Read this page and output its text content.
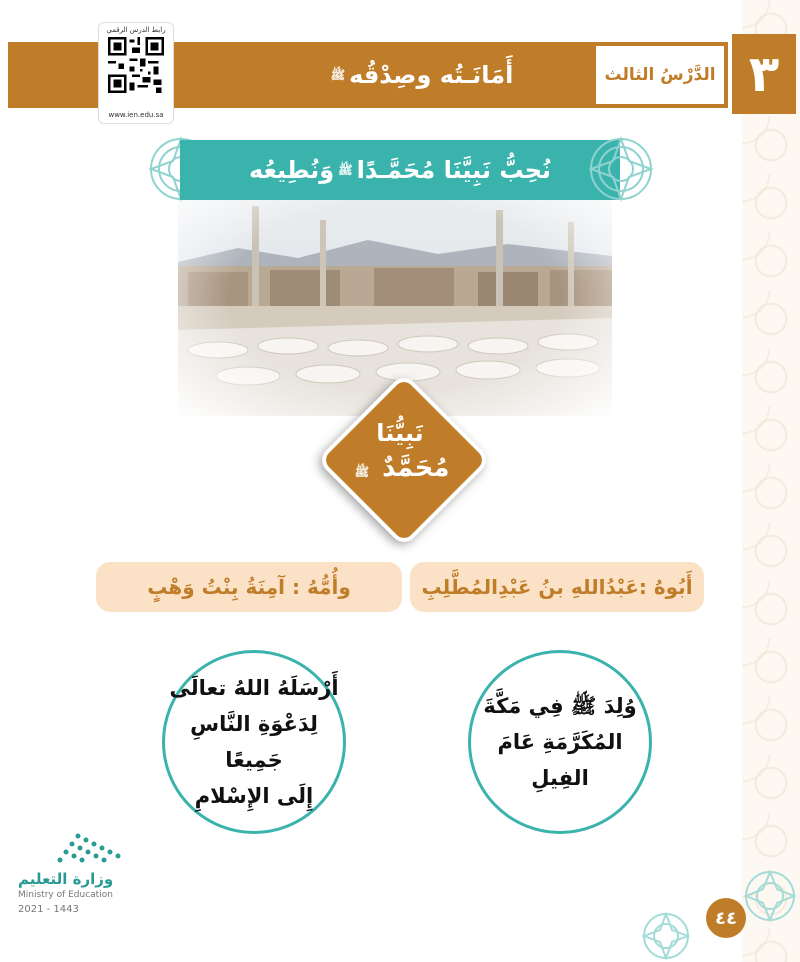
٣
الدَّرْسُ الثالث
أَمَانَـتُه وصِدْقُه
ﷺ
رابط الدرس الرقمي
www.ien.edu.sa
نُحِبُّ نَبِيَّنَا مُحَمَّـدًا
ﷺ
وَنُطِيعُه
نَبِيُّنَا
مُحَمَّدٌ ﷺ
أَبُوهُ :عَبْدُاللهِ بنُ عَبْدِالمُطَّلِبِ
وأُمُّهُ : آمِنَةُ بِنْتُ وَهْبٍ
وُلِدَ ﷺ فِي مَكَّةَ
المُكَرَّمَةِ عَامَ
الفِيلِ
أَرْسَلَهُ اللهُ تعالَى
لِدَعْوَةِ النَّاسِ جَمِيعًا
إِلَى الإِسْلامِ
وزارة التعليم
Ministry of Education
2021 - 1443	٤٤
